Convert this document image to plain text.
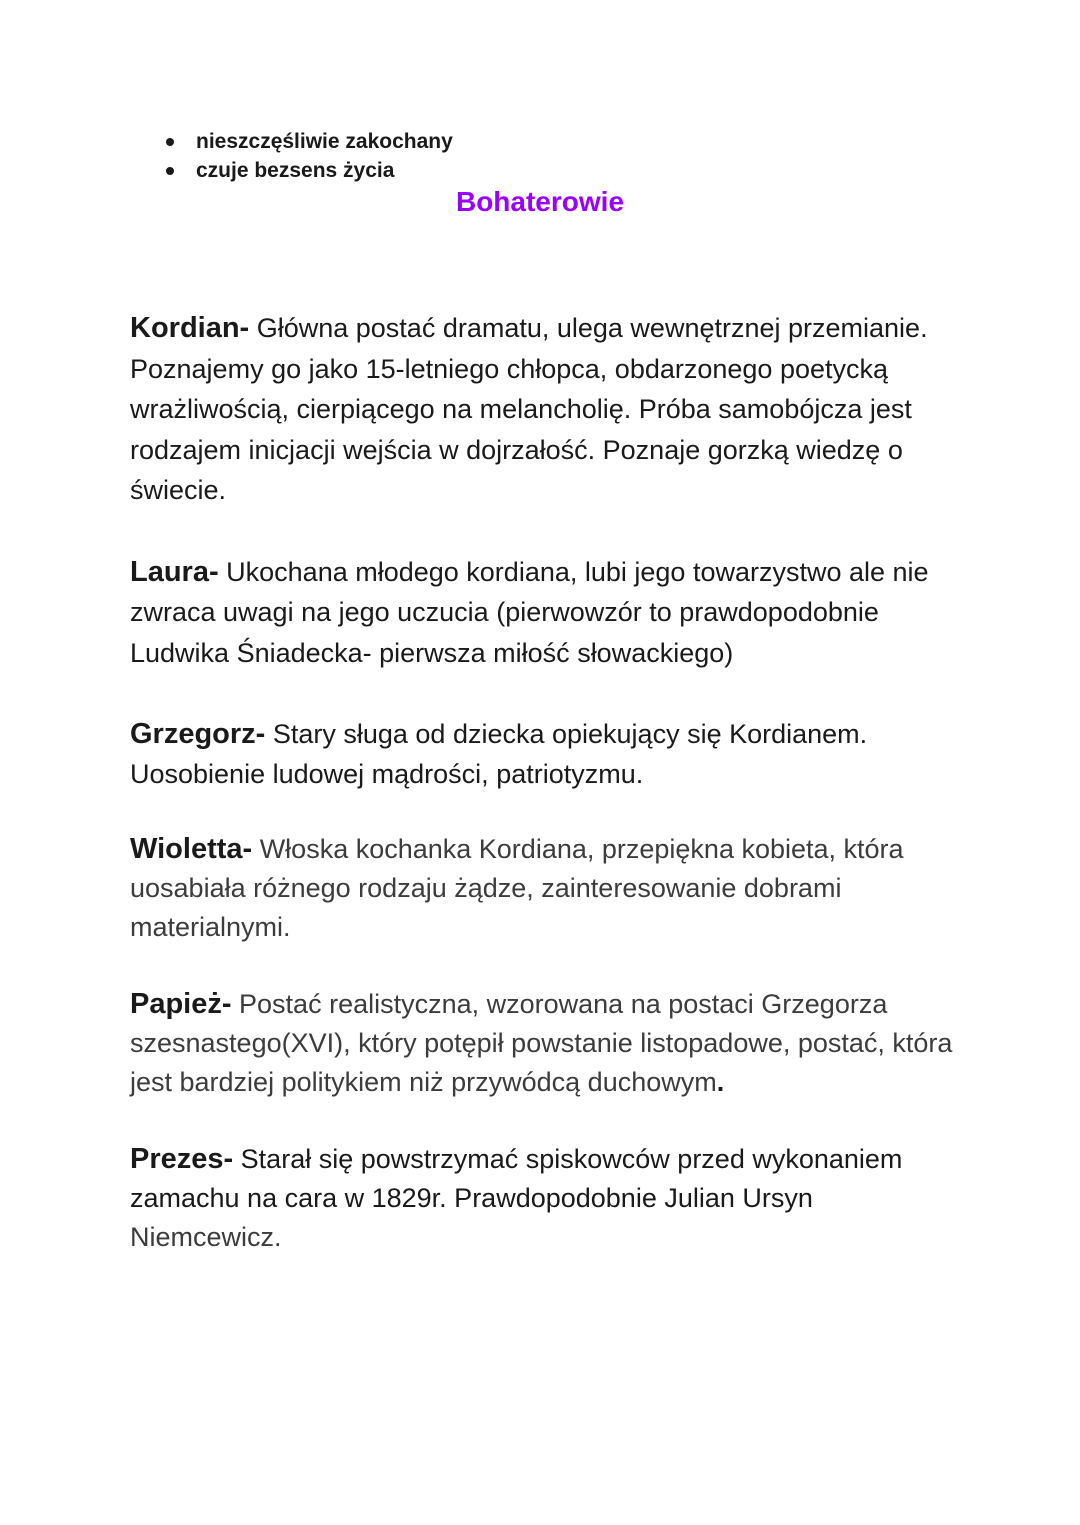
nieszczęśliwie zakochany
czuje bezsens życia
Bohaterowie

Kordian- Główna postać dramatu, ulega wewnętrznej przemianie. Poznajemy go jako 15-letniego chłopca, obdarzonego poetycką wrażliwością, cierpiącego na melancholię. Próba samobójcza jest rodzajem inicjacji wejścia w dojrzałość. Poznaje gorzką wiedzę o świecie.

Laura- Ukochana młodego kordiana, lubi jego towarzystwo ale nie zwraca uwagi na jego uczucia (pierwowzór to prawdopodobnie Ludwika Śniadecka- pierwsza miłość słowackiego)

Grzegorz- Stary sługa od dziecka opiekujący się Kordianem. Uosobienie ludowej mądrości, patriotyzmu.

Wioletta- Włoska kochanka Kordiana, przepiękna kobieta, która uosabiała różnego rodzaju żądze, zainteresowanie dobrami materialnymi.

Papież- Postać realistyczna, wzorowana na postaci Grzegorza szesnastego(XVI), który potępił powstanie listopadowe, postać, która jest bardziej politykiem niż przywódcą duchowym.

Prezes- Starał się powstrzymać spiskowców przed wykonaniem zamachu na cara w 1829r. Prawdopodobnie Julian Ursyn Niemcewicz.
